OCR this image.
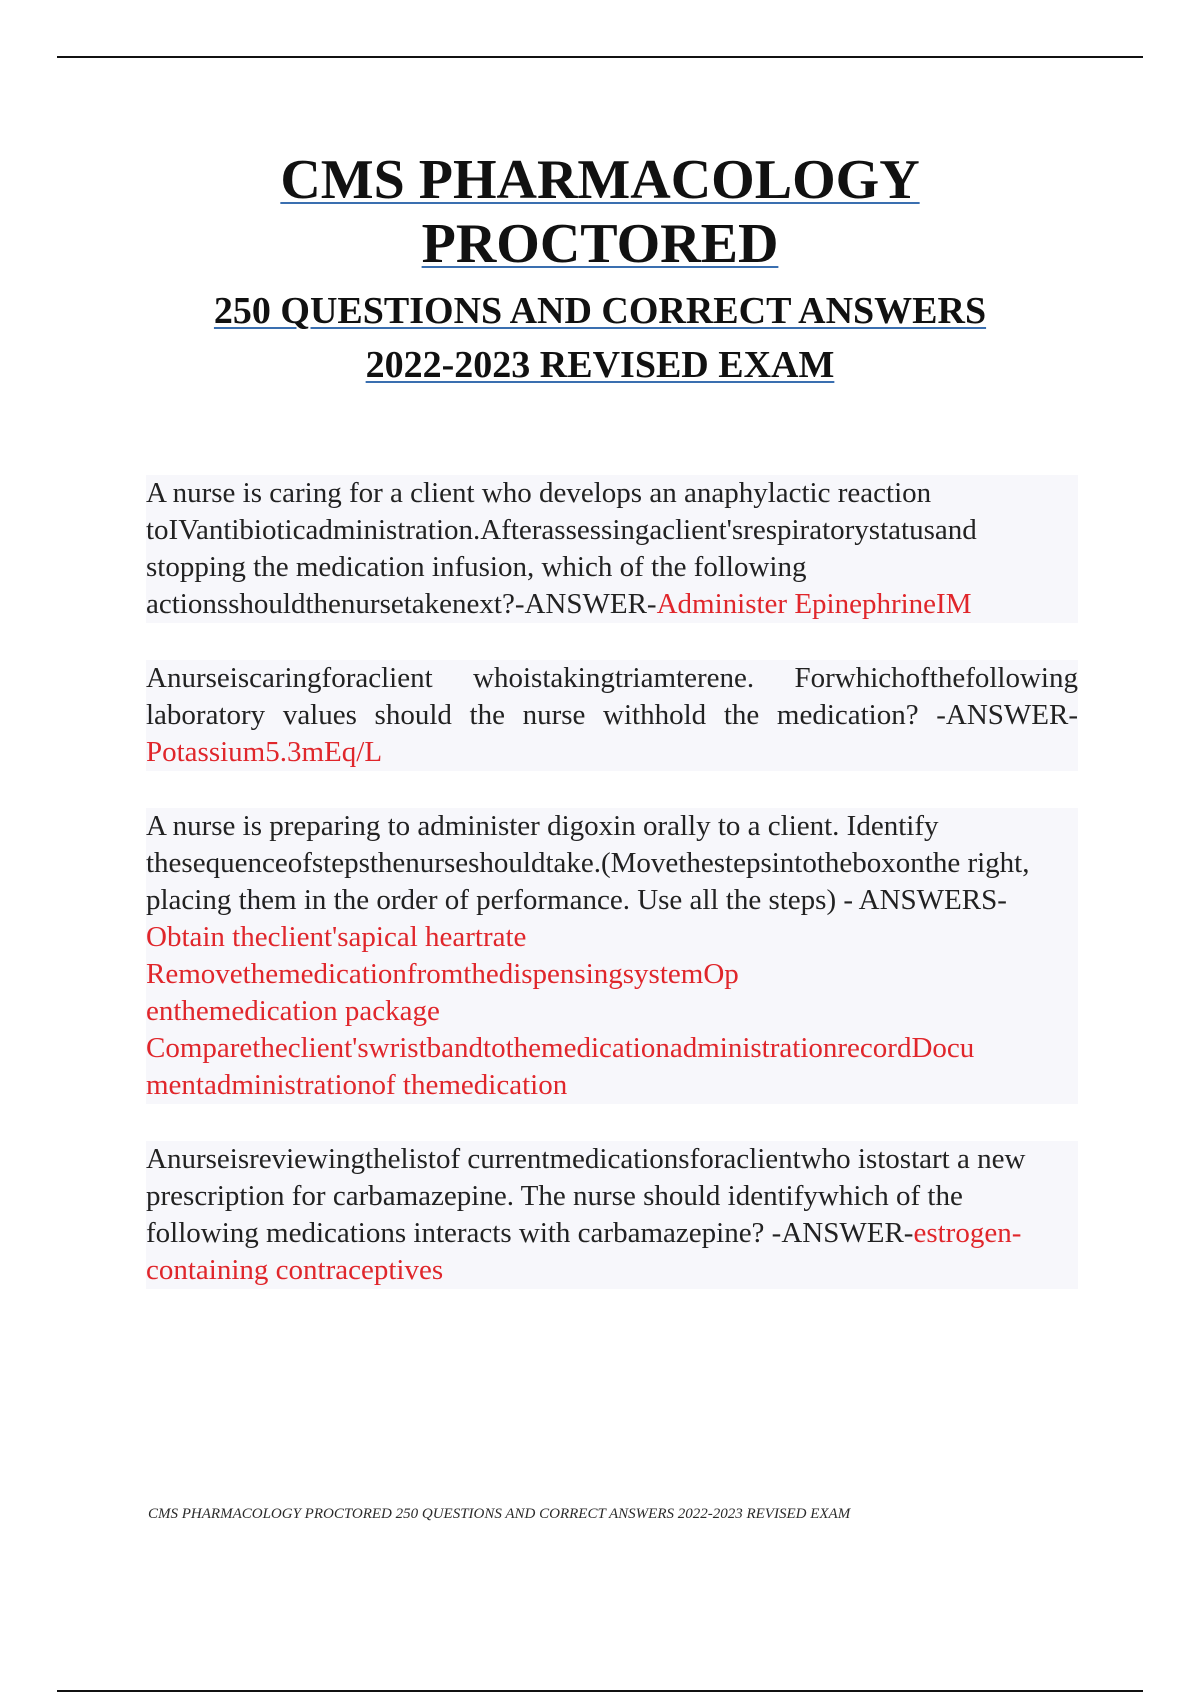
CMS PHARMACOLOGY
PROCTORED
250 QUESTIONS AND CORRECT ANSWERS
2022-2023 REVISED EXAM
A nurse is caring for a client who develops an anaphylactic reaction toIVantibioticadministration.Afterassessingaclient'srespiratorystatusand stopping the medication infusion, which of the following actionsshouldthenursetakenext?-ANSWER-Administer EpinephrineIM
Anurseiscaringforaclient whoistakingtriamterene. Forwhichofthefollowing laboratory values should the nurse withhold the medication? -ANSWER-Potassium5.3mEq/L
A nurse is preparing to administer digoxin orally to a client. Identify thesequenceofstepsthenurseshouldtake.(Movethestepsintotheboxonthe right, placing them in the order of performance. Use all the steps) - ANSWERS-Obtain theclient'sapical heartrate
RemovethemedicationfromthedispensingsystemOp
enthemedication package
Comparetheclient'swristbandtothemedicationadministrationrecordDocu
mentadministrationof themedication
Anurseisreviewingthelistof currentmedicationsforaclientwho istostart a new prescription for carbamazepine. The nurse should identifywhich of the following medications interacts with carbamazepine? -ANSWER-estrogen-containing contraceptives
CMS PHARMACOLOGY PROCTORED 250 QUESTIONS AND CORRECT ANSWERS 2022-2023 REVISED EXAM
